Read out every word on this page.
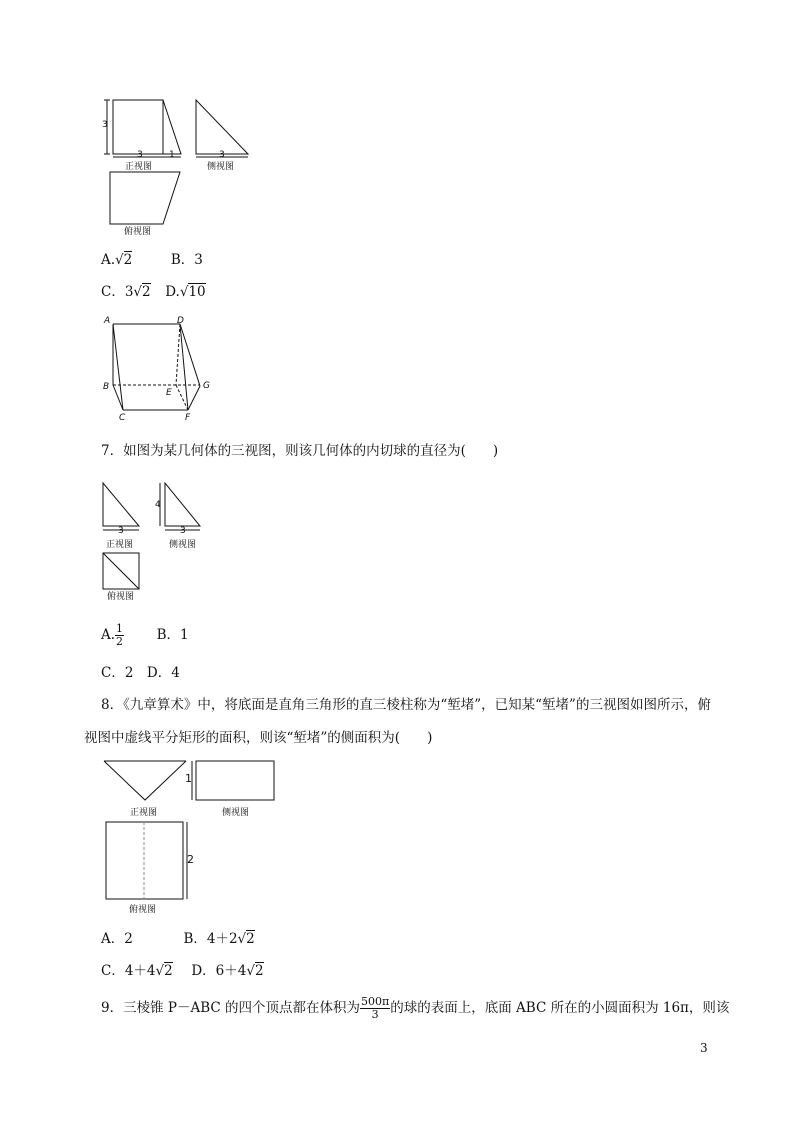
3
3	1	3
正视图	侧视图
俯视图
A.√2	B．3
C．3√2 D.√10
A	D
B
E
G
C	F
7．如图为某几何体的三视图，则该几何体的内切球的直径为(　　)
3
4
3
正视图	侧视图
俯视图
A. $\frac{1}{2}$ B．1
C．2　D．4
8．《九章算术》中，将底面是直角三角形的直三棱柱称为“堑堵”，已知某“堑堵”的三视图如图所示，俯
视图中虚线平分矩形的面积，则该“堑堵”的侧面积为(　　)
1
2
正视图	侧视图
俯视图
A．2	B．4＋2√2
C．4＋4√2 D．6＋4√2
9．三棱锥 P－ABC 的四个顶点都在体积为 $\frac{500\pi}{3}$ 的球的表面上，底面 ABC 所在的小圆面积为 16π，则该
3
